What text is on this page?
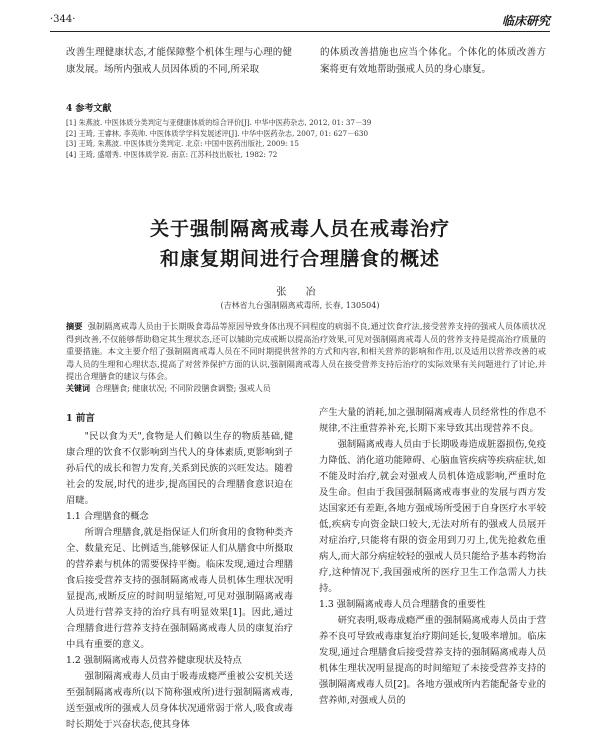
·344·	临床研究

改善生理健康状态,才能保障整个机体生理与心理的健康发展。场所内强戒人员因体质的不同,所采取

的体质改善措施也应当个体化。个体化的体质改善方案将更有效地帮助强戒人员的身心康复。

4 参考文献
[1] 朱燕波. 中医体质分类判定与亚健康体质的综合评价[J]. 中华中医药杂志, 2012, 01: 37－39
[2] 王琦, 王睿林, 李英帅. 中医体质学学科发展述评[J]. 中华中医药杂志, 2007, 01: 627－630
[3] 王琦, 朱燕波. 中医体质分类判定. 北京: 中国中医药出版社, 2009: 15
[4] 王琦, 盛增秀. 中医体质学说. 南京: 江苏科技出版社, 1982: 72
关于强制隔离戒毒人员在戒毒治疗
和康复期间进行合理膳食的概述
张 冶
(吉林省九台强制隔离戒毒所, 长春, 130504)
摘要 强制隔离戒毒人员由于长期吸食毒品等原因导致身体出现不同程度的病弱不良,通过饮食疗法,接受营养支持的强戒人员体质状况得到改善,不仅能够帮助稳定其生理状态,还可以辅助完成戒断以提高治疗效果,可见对强制隔离戒毒人员的营养支持是提高治疗质量的重要措施。本文主要介绍了强制隔离戒毒人员在不同时期提供营养的方式和内容,和相关营养的影响和作用,以及适用以营养改善的戒毒人员的生理和心理状态,提高了对营养保护方面的认识,强制隔离戒毒人员在接受营养支持后治疗的实际效果有关问题进行了讨论,并提出合理膳食的建议与体会。
关键词 合理膳食; 健康状况; 不同阶段膳食调整; 强戒人员
1 前言

"民以食为天",食物是人们赖以生存的物质基础,健康合理的饮食不仅影响到当代人的身体素质,更影响到子孙后代的成长和智力发育,关系到民族的兴旺发达。随着社会的发展,时代的进步,提高国民的合理膳食意识迫在眉睫。

1.1 合理膳食的概念

所谓合理膳食,就是指保证人们所食用的食物种类齐全、数量充足、比例适当,能够保证人们从膳食中所摄取的营养素与机体的需要保持平衡。临床发现,通过合理膳食后接受营养支持的强制隔离戒毒人员机体生理状况明显提高,戒断反应的时间明显缩短,可见对强制隔离戒毒人员进行营养支持的治疗具有明显效果[1]。因此,通过合理膳食进行营养支持在强制隔离戒毒人员的康复治疗中具有重要的意义。

1.2 强制隔离戒毒人员营养健康现状及特点

强制隔离戒毒人员由于吸毒成瘾严重被公安机关送至强制隔离戒毒所(以下简称强戒所)进行强制隔离戒毒,送至强戒所的强戒人员身体状况通常弱于常人,吸食或毒时长期处于兴奋状态,使其身体

产生大量的消耗,加之强制隔离戒毒人员经常性的作息不规律,不注重营养补充,长期下来导致其出现营养不良。

强制隔离戒毒人员由于长期吸毒造成脏器损伤,免疫力降低、消化道功能障碍、心脑血管疾病等疾病症状,如不能及时治疗,就会对强戒人员机体造成影响,严重时危及生命。但由于我国强制隔离戒毒事业的发展与西方发达国家还有差距,各地方强戒场所受困于自身医疗水平较低,疾病专向资金缺口较大,无法对所有的强戒人员展开对症治疗,只能将有限的资金用到刀刃上,优先抢救危重病人,而大部分病症较轻的强戒人员只能给予基本药物治疗,这种情况下,我国强戒所的医疗卫生工作急需人力扶持。

1.3 强制隔离戒毒人员合理膳食的重要性

研究表明,吸毒成瘾严重的强制隔离戒毒人员由于营养不良可导致戒毒康复治疗期间延长,复吸率增加。临床发现,通过合理膳食后接受营养支持的强制隔离戒毒人员机体生理状况明显提高的时间缩短了未接受营养支持的强制隔离戒毒人员[2]。各地方强戒所内若能配备专业的营养师,对强戒人员的
